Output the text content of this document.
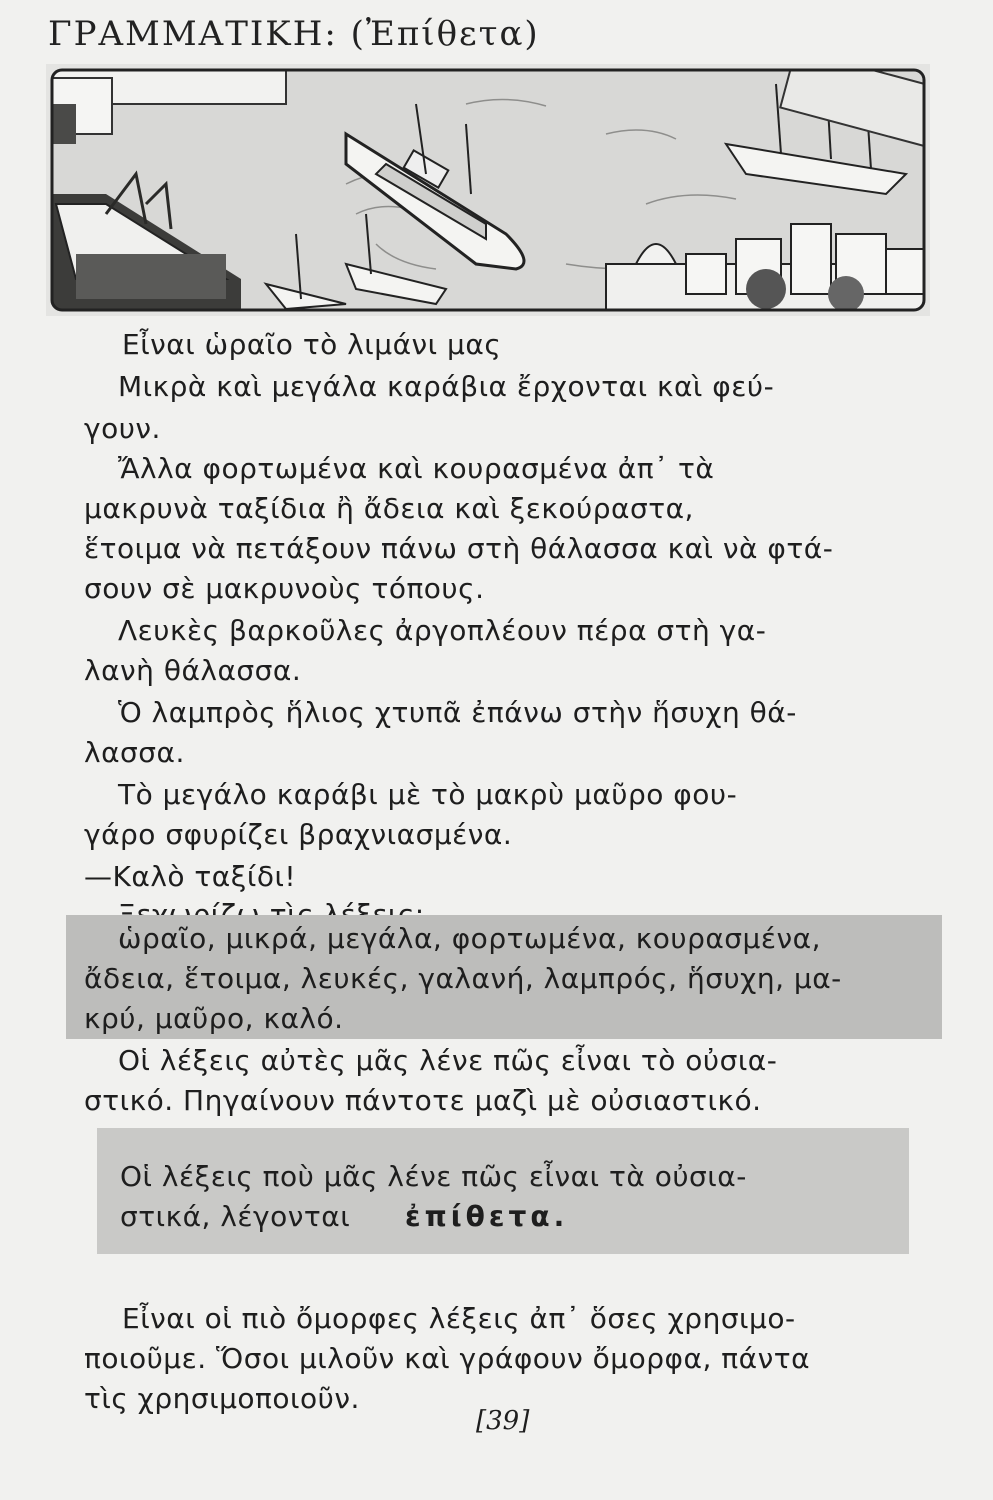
ΓΡΑΜΜΑΤΙΚΗ: (Ἐπίθετα)
Εἶναι ὡραῖο τὸ λιμάνι μας
Μικρὰ καὶ μεγάλα καράβια ἔρχονται καὶ φεύ-
γουν.
Ἄλλα φορτωμένα καὶ κουρασμένα ἀπ᾽ τὰ
μακρυνὰ ταξίδια ἢ ἄδεια καὶ ξεκούραστα,
ἕτοιμα νὰ πετάξουν πάνω στὴ θάλασσα καὶ νὰ φτά-
σουν σὲ μακρυνοὺς τόπους.
Λευκὲς βαρκοῦλες ἀργοπλέουν πέρα στὴ γα-
λανὴ θάλασσα.
Ὁ λαμπρὸς ἥλιος χτυπᾶ ἐπάνω στὴν ἥσυχη θά-
λασσα.
Τὸ μεγάλο καράβι μὲ τὸ μακρὺ μαῦρο φου-
γάρο σφυρίζει βραχνιασμένα.
—Καλὸ ταξίδι!
ὡραῖο, μικρά, μεγάλα, φορτωμένα, κουρασμένα,
ἄδεια, ἕτοιμα, λευκές, γαλανή, λαμπρός, ἥσυχη, μα-
κρύ, μαῦρο, καλό.
Οἱ λέξεις αὐτὲς μᾶς λένε πῶς εἶναι τὸ οὐσια-
στικό. Πηγαίνουν πάντοτε μαζὶ μὲ οὐσιαστικό.
Οἱ λέξεις ποὺ μᾶς λένε πῶς εἶναι τὰ οὐσια-
στικά, λέγονται ἐπίθετα.
Εἶναι οἱ πιὸ ὄμορφες λέξεις ἀπ᾽ ὅσες χρησιμο-
ποιοῦμε. Ὅσοι μιλοῦν καὶ γράφουν ὄμορφα, πάντα
τὶς χρησιμοποιοῦν.
[39]
